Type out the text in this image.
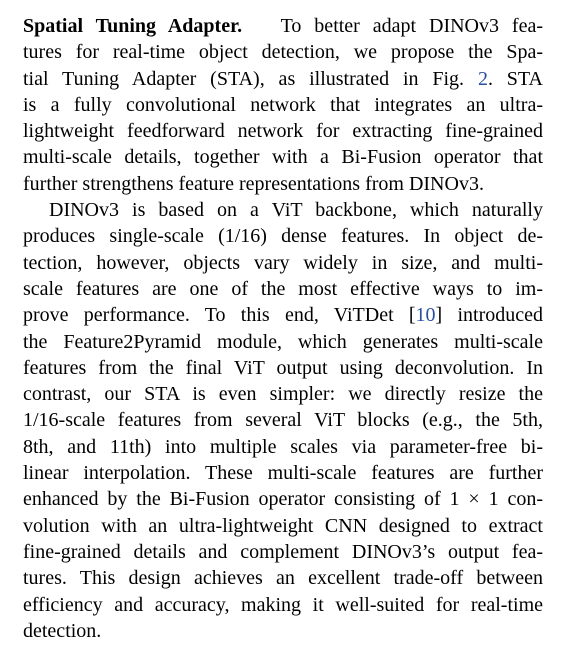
Spatial Tuning Adapter. To better adapt DINOv3 fea-
tures for real-time object detection, we propose the Spa-
tial Tuning Adapter (STA), as illustrated in Fig. 2. STA
is a fully convolutional network that integrates an ultra-
lightweight feedforward network for extracting fine-grained
multi-scale details, together with a Bi-Fusion operator that
further strengthens feature representations from DINOv3.
DINOv3 is based on a ViT backbone, which naturally
produces single-scale (1/16) dense features. In object de-
tection, however, objects vary widely in size, and multi-
scale features are one of the most effective ways to im-
prove performance. To this end, ViTDet [10] introduced
the Feature2Pyramid module, which generates multi-scale
features from the final ViT output using deconvolution. In
contrast, our STA is even simpler: we directly resize the
1/16-scale features from several ViT blocks (e.g., the 5th,
8th, and 11th) into multiple scales via parameter-free bi-
linear interpolation. These multi-scale features are further
enhanced by the Bi-Fusion operator consisting of 1 × 1 con-
volution with an ultra-lightweight CNN designed to extract
fine-grained details and complement DINOv3’s output fea-
tures. This design achieves an excellent trade-off between
efficiency and accuracy, making it well-suited for real-time
detection.
